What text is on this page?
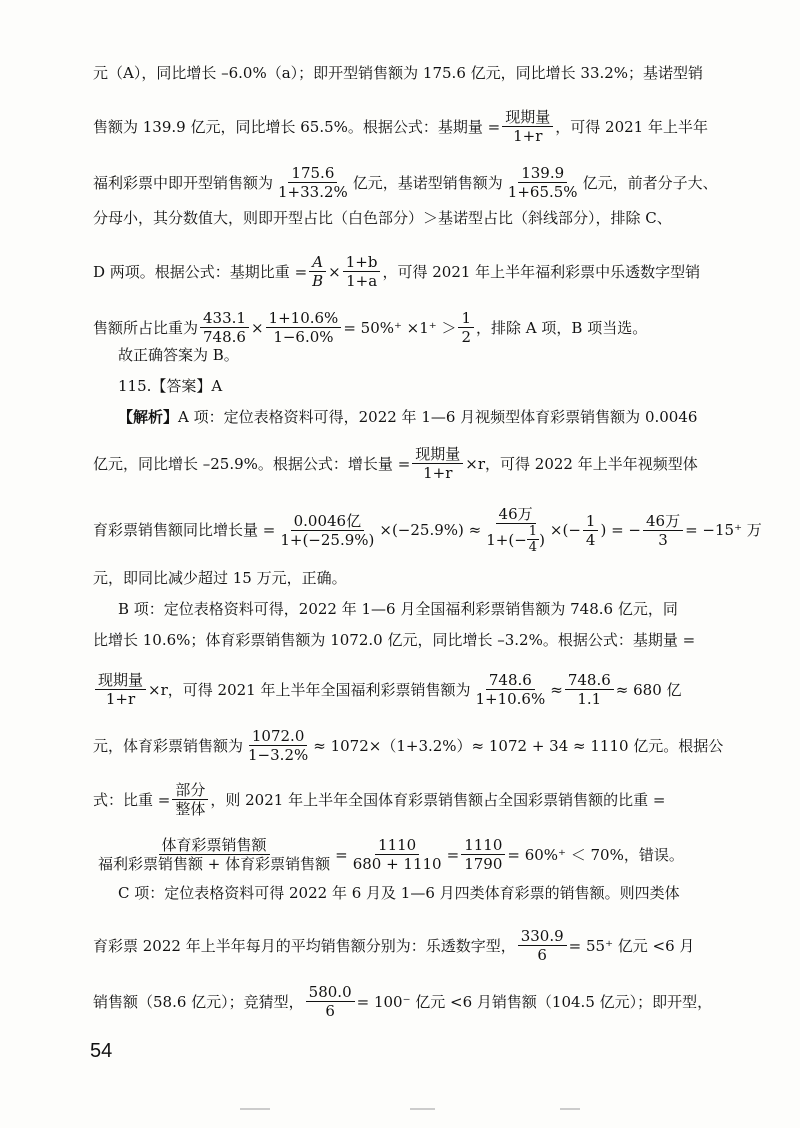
元（A），同比增长 –6.0%（a）；即开型销售额为 175.6 亿元，同比增长 33.2%；基诺型销
售额为 139.9 亿元，同比增长 65.5%。根据公式：基期量 = $\frac{\text{现期量}}{1+r}$ ，可得 2021 年上半年
福利彩票中即开型销售额为 $\frac{175.6}{1+33.2\%}$ 亿元，基诺型销售额为 $\frac{139.9}{1+65.5\%}$ 亿元，前者分子大、
分母小，其分数值大，则即开型占比（白色部分）＞基诺型占比（斜线部分），排除 C、
D 两项。根据公式：基期比重 = $\frac{A}{B} \times \frac{1+b}{1+a}$ ，可得 2021 年上半年福利彩票中乐透数字型销
售额所占比重为 $\frac{433.1}{748.6} \times \frac{1+10.6\%}{1-6.0\%} = 50\%^+ \times 1^+ > \frac{1}{2}$ ，排除 A 项，B 项当选。
故正确答案为 B。
115.【答案】A
【解析】 A 项：定位表格资料可得，2022 年 1—6 月视频型体育彩票销售额为 0.0046
亿元，同比增长 –25.9%。根据公式：增长量 = $\frac{\text{现期量}}{1+r} \times r$，可得 2022 年上半年视频型体
育彩票销售额同比增长量 = $\frac{\text{0.0046亿}}{1+(-25.9\%)} \times(-25.9\%) \approx \frac{\text{46万}}{1+(- \frac{1}{4} )}$ ×(− $\frac{1}{4}$ ) = − $\frac{\text{46万}}{3} = -15^+$ 万
元，即同比减少超过 15 万元，正确。
B 项：定位表格资料可得，2022 年 1—6 月全国福利彩票销售额为 748.6 亿元，同
比增长 10.6%；体育彩票销售额为 1072.0 亿元，同比增长 –3.2%。根据公式：基期量 =
$\frac{\text{现期量}}{1+r} \times r$，可得 2021 年上半年全国福利彩票销售额为 $\frac{748.6}{1+10.6\%} \approx \frac{748.6}{1.1} \approx 680$ 亿
元，体育彩票销售额为 $\frac{1072.0}{1-3.2\%} \approx 1072\times(1+3.2\%)\approx 1072 + 34 \approx 1110$ 亿元。根据公
式：比重 = $\frac{\text{部分}}{\text{整体}}$ ，则 2021 年上半年全国体育彩票销售额占全国彩票销售额的比重 =
$\frac{\text{体育彩票销售额}}{\text{福利彩票销售额 + 体育彩票销售额}} = \frac{1110}{680 + 1110} = \frac{1110}{1790} = 60\%^+ < 70\%$，错误。
C 项：定位表格资料可得 2022 年 6 月及 1—6 月四类体育彩票的销售额。则四类体
育彩票 2022 年上半年每月的平均销售额分别为：乐透数字型， $\frac{330.9}{6} = 55^+$ 亿元 <6 月
销售额（58.6 亿元）；竞猜型， $\frac{580.0}{6} = 100^-$ 亿元 <6 月销售额（104.5 亿元）；即开型，
54
